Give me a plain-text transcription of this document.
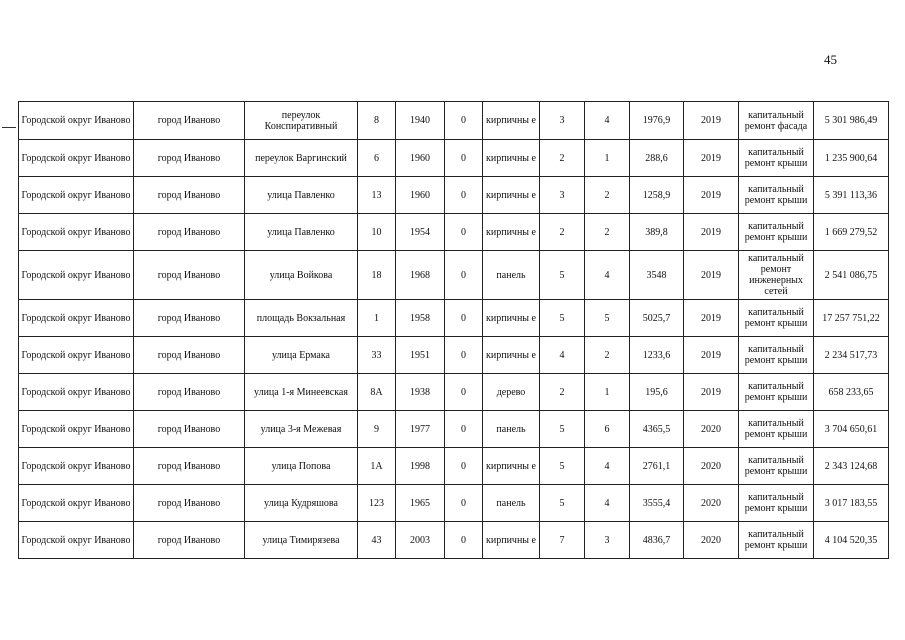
45
Городской округ Иваново	город Иваново	переулок Конспиративный	8	1940	0	кирпичны е	3	4	1976,9	2019	капитальный ремонт фасада	5 301 986,49
Городской округ Иваново	город Иваново	переулок Варгинский	6	1960	0	кирпичны е	2	1	288,6	2019	капитальный ремонт крыши	1 235 900,64
Городской округ Иваново	город Иваново	улица Павленко	13	1960	0	кирпичны е	3	2	1258,9	2019	капитальный ремонт крыши	5 391 113,36
Городской округ Иваново	город Иваново	улица Павленко	10	1954	0	кирпичны е	2	2	389,8	2019	капитальный ремонт крыши	1 669 279,52
Городской округ Иваново	город Иваново	улица Войкова	18	1968	0	панель	5	4	3548	2019	капитальный ремонт инженерных сетей	2 541 086,75
Городской округ Иваново	город Иваново	площадь Вокзальная	1	1958	0	кирпичны е	5	5	5025,7	2019	капитальный ремонт крыши	17 257 751,22
Городской округ Иваново	город Иваново	улица Ермака	33	1951	0	кирпичны е	4	2	1233,6	2019	капитальный ремонт крыши	2 234 517,73
Городской округ Иваново	город Иваново	улица 1-я Минеевская	8А	1938	0	дерево	2	1	195,6	2019	капитальный ремонт крыши	658 233,65
Городской округ Иваново	город Иваново	улица 3-я Межевая	9	1977	0	панель	5	6	4365,5	2020	капитальный ремонт крыши	3 704 650,61
Городской округ Иваново	город Иваново	улица Попова	1А	1998	0	кирпичны е	5	4	2761,1	2020	капитальный ремонт крыши	2 343 124,68
Городской округ Иваново	город Иваново	улица Кудряшова	123	1965	0	панель	5	4	3555,4	2020	капитальный ремонт крыши	3 017 183,55
Городской округ Иваново	город Иваново	улица Тимирязева	43	2003	0	кирпичны е	7	3	4836,7	2020	капитальный ремонт крыши	4 104 520,35
